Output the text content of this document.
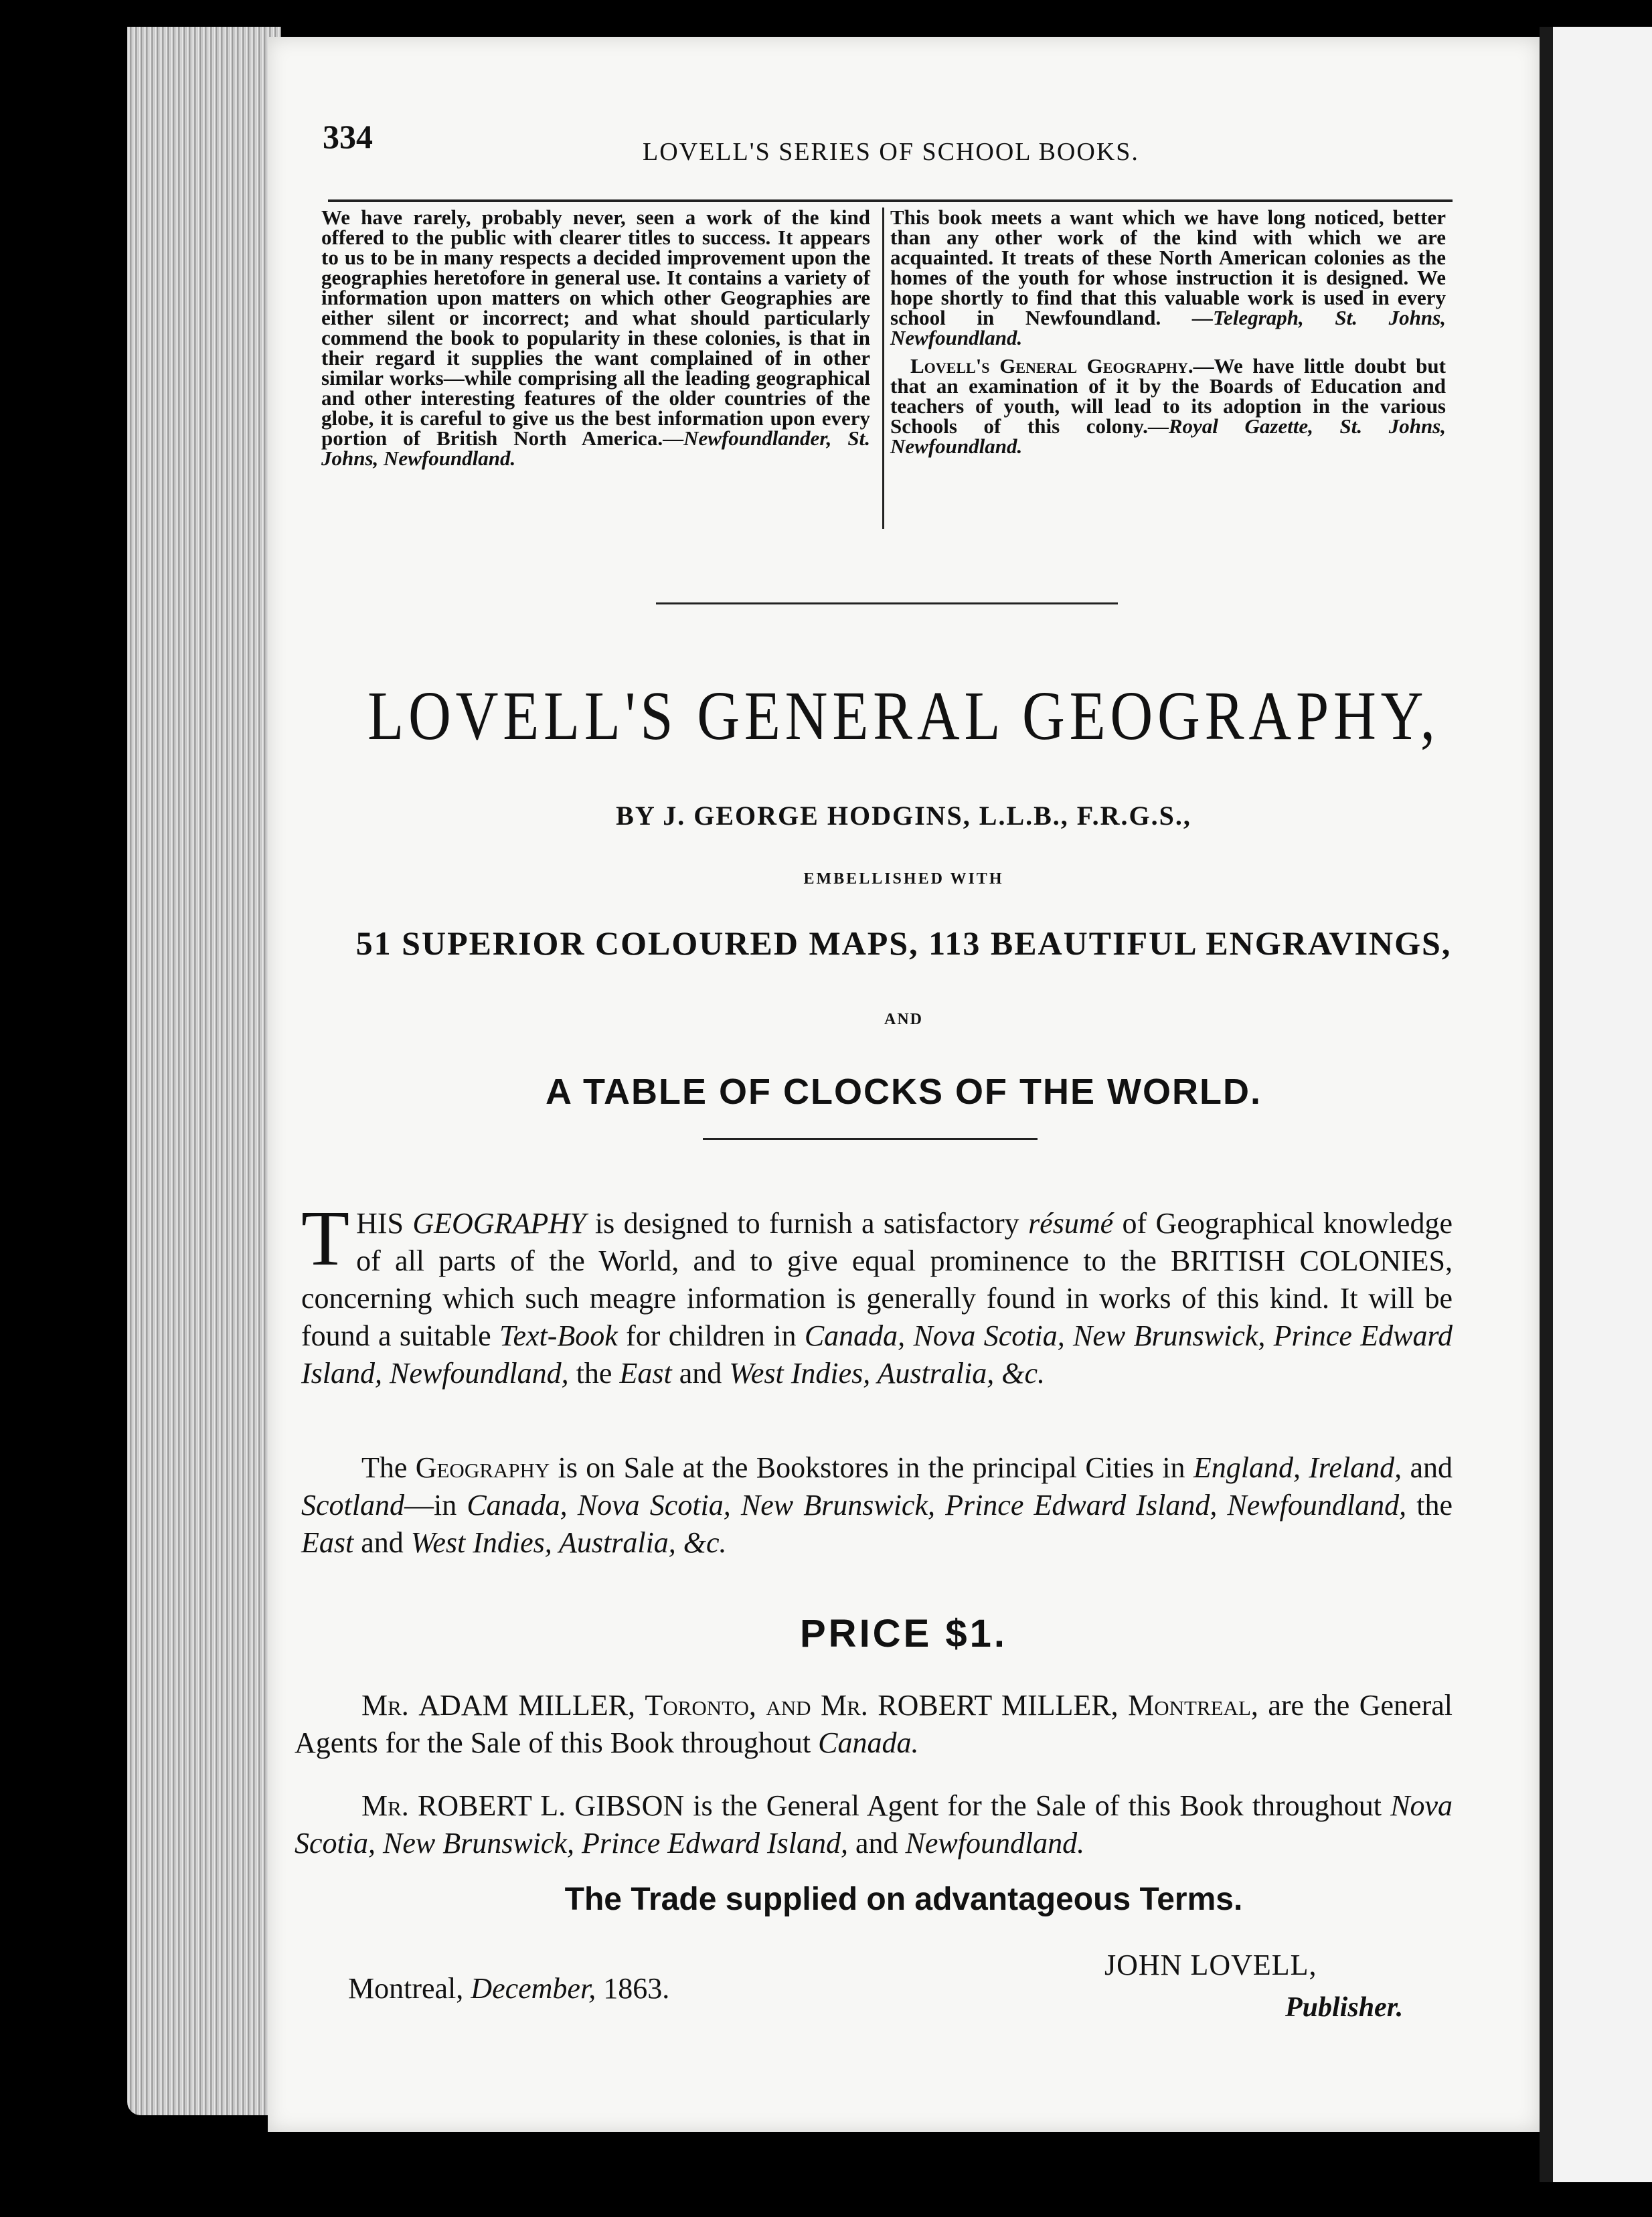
334	LOVELL'S SERIES OF SCHOOL BOOKS.

We have rarely, probably never, seen a work of the kind offered to the public with clearer titles to success. It appears to us to be in many respects a decided improvement upon the geographies heretofore in general use. It contains a variety of information upon matters on which other Geographies are either silent or incorrect; and what should particularly commend the book to popularity in these colonies, is that in their regard it supplies the want complained of in other similar works—while comprising all the leading geographical and other interesting features of the older countries of the globe, it is careful to give us the best information upon every portion of British North America.—Newfoundlander, St. Johns, Newfoundland.

This book meets a want which we have long noticed, better than any other work of the kind with which we are acquainted. It treats of these North American colonies as the homes of the youth for whose instruction it is designed. We hope shortly to find that this valuable work is used in every school in Newfoundland. —Telegraph, St. Johns, Newfoundland.

Lovell's General Geography.—We have little doubt but that an examination of it by the Boards of Education and teachers of youth, will lead to its adoption in the various Schools of this colony.—Royal Gazette, St. Johns, Newfoundland.

LOVELL'S GENERAL GEOGRAPHY,
BY J. GEORGE HODGINS, L.L.B., F.R.G.S.,
EMBELLISHED WITH
51 SUPERIOR COLOURED MAPS, 113 BEAUTIFUL ENGRAVINGS,
AND
A TABLE OF CLOCKS OF THE WORLD.
THIS GEOGRAPHY is designed to furnish a satisfactory résumé of Geographical knowledge of all parts of the World, and to give equal prominence to the BRITISH COLONIES, concerning which such meagre information is generally found in works of this kind. It will be found a suitable Text-Book for children in Canada, Nova Scotia, New Brunswick, Prince Edward Island, Newfoundland, the East and West Indies, Australia, &c.
The Geography is on Sale at the Bookstores in the principal Cities in England, Ireland, and Scotland—in Canada, Nova Scotia, New Brunswick, Prince Edward Island, Newfoundland, the East and West Indies, Australia, &c.
PRICE $1.
Mr. ADAM MILLER, Toronto, and Mr. ROBERT MILLER, Montreal, are the General Agents for the Sale of this Book throughout Canada.
Mr. ROBERT L. GIBSON is the General Agent for the Sale of this Book throughout Nova Scotia, New Brunswick, Prince Edward Island, and Newfoundland.
The Trade supplied on advantageous Terms.
Montreal, December, 1863.
JOHN LOVELL,
Publisher.
